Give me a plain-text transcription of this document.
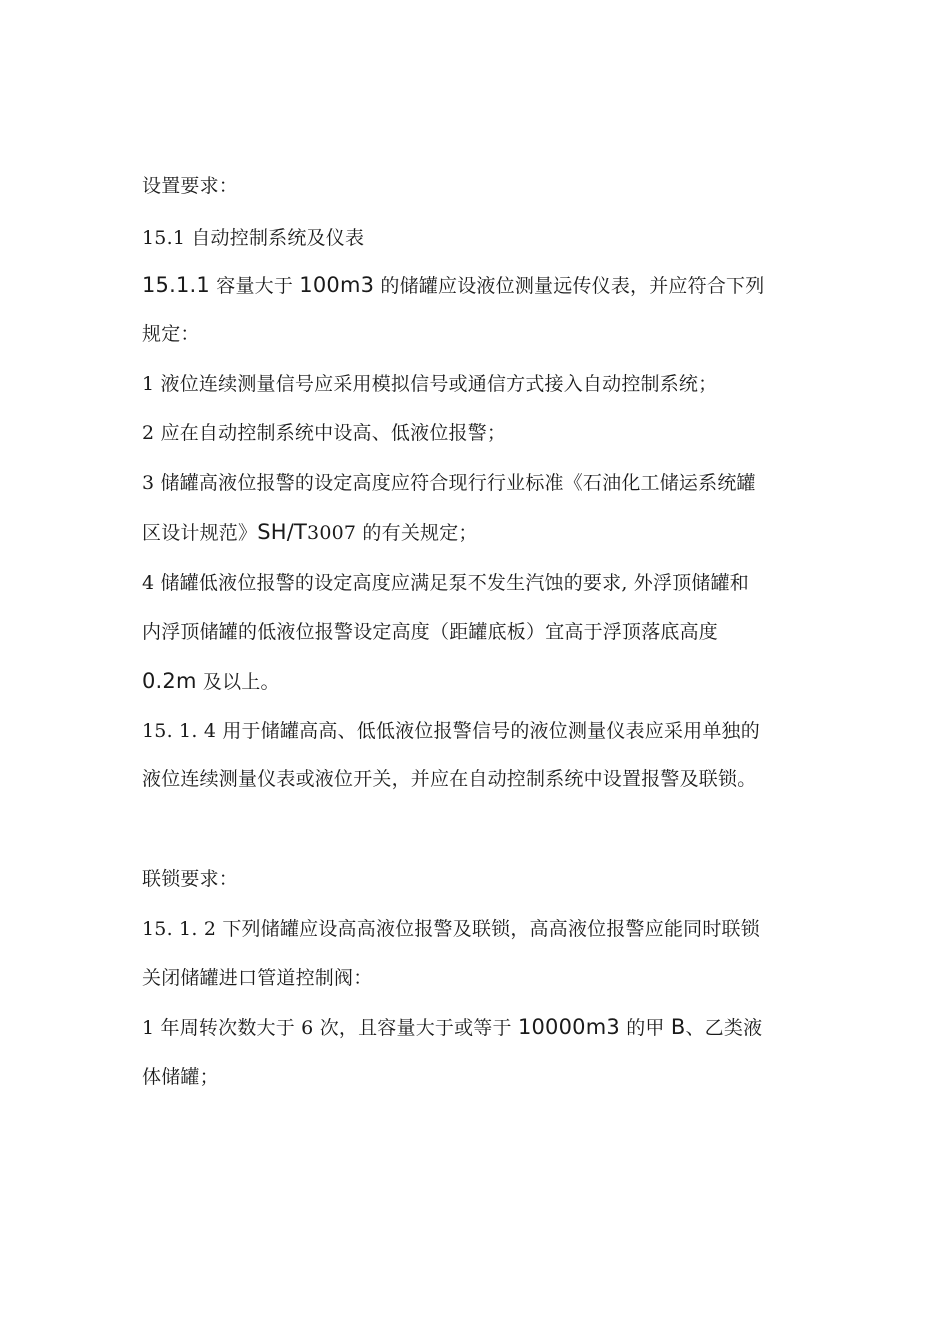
设置要求：
15.1 自动控制系统及仪表
15.1.1 容量大于 100m3 的储罐应设液位测量远传仪表，并应符合下列
规定：
1 液位连续测量信号应采用模拟信号或通信方式接入自动控制系统；
2 应在自动控制系统中设高、低液位报警；
3 储罐高液位报警的设定高度应符合现行行业标准《石油化工储运系统罐
区设计规范》SH/T3007 的有关规定；
4 储罐低液位报警的设定高度应满足泵不发生汽蚀的要求, 外浮顶储罐和
内浮顶储罐的低液位报警设定高度（距罐底板）宜高于浮顶落底高度
0.2m 及以上。
15. 1. 4 用于储罐高高、低低液位报警信号的液位测量仪表应采用单独的
液位连续测量仪表或液位开关，并应在自动控制系统中设置报警及联锁。
联锁要求：
15. 1. 2 下列储罐应设高高液位报警及联锁，高高液位报警应能同时联锁
关闭储罐进口管道控制阀：
1 年周转次数大于 6 次，且容量大于或等于 10000m3 的甲 B、乙类液
体储罐；
